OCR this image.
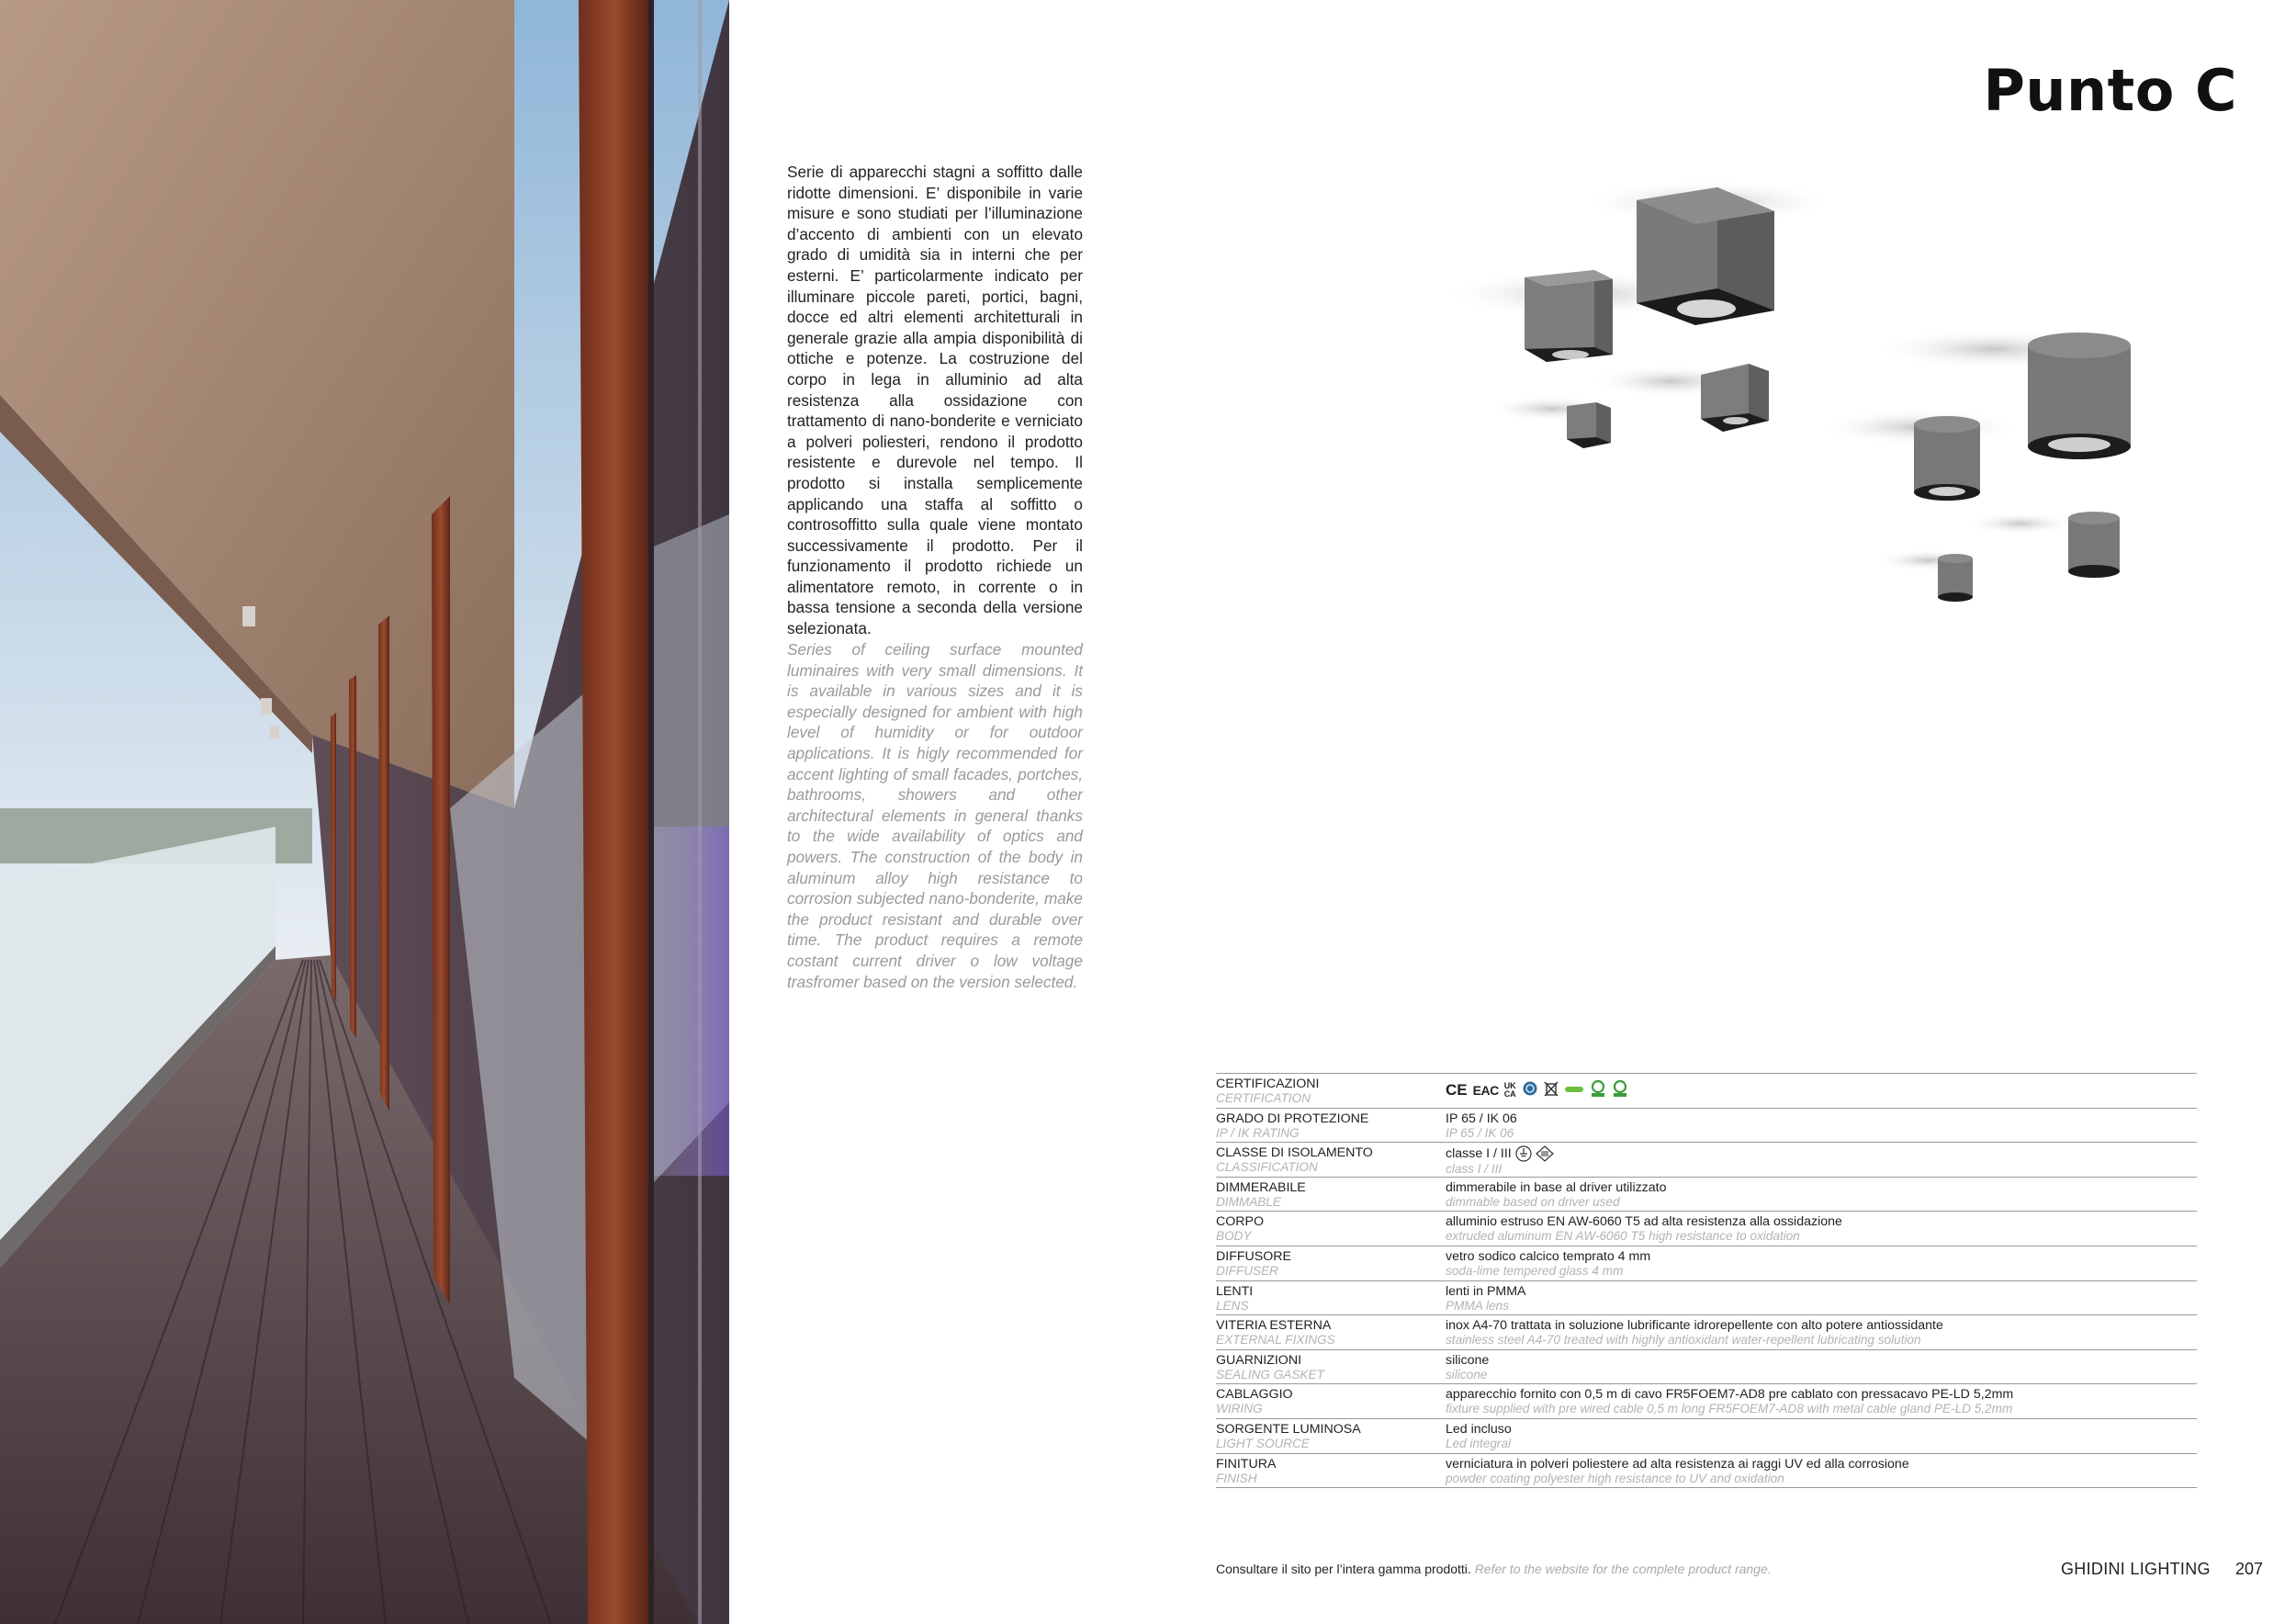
Punto C

Serie di apparecchi stagni a soffitto dalle ridotte dimensioni. E’ disponibile in varie misure e sono studiati per l’illuminazione d’accento di ambienti con un elevato grado di umidità sia in interni che per esterni. E’ particolarmente indicato per illuminare piccole pareti, portici, bagni, docce ed altri elementi architetturali in generale grazie alla ampia disponibilità di ottiche e potenze. La costruzione del corpo in lega in alluminio ad alta resistenza alla ossidazione con trattamento di nano-bonderite e verniciato a polveri poliesteri, rendono il prodotto resistente e durevole nel tempo. Il prodotto si installa semplicemente applicando una staffa al soffitto o controsoffitto sulla quale viene montato successivamente il prodotto. Per il funzionamento il prodotto richiede un alimentatore remoto, in corrente o in bassa tensione a seconda della versione selezionata.

Series of ceiling surface mounted luminaires with very small dimensions. It is available in various sizes and it is especially designed for ambient with high level of humidity or for outdoor applications. It is higly recommended for accent lighting of small facades, portches, bathrooms, showers and other architectural elements in general thanks to the wide availability of optics and powers. The construction of the body in aluminum alloy high resistance to corrosion subjected nano-bonderite, make the product resistant and durable over time. The product requires a remote costant current driver o low voltage trasfromer based on the version selected.

CERTIFICAZIONI
CERTIFICATION	CE EAC UK
CA
GRADO DI PROTEZIONE
IP / IK RATING
IP 65 / IK 06
IP 65 / IK 06
CLASSE DI ISOLAMENTO
CLASSIFICATION
classe I / III
class I / III
DIMMERABILE
DIMMABLE
dimmerabile in base al driver utilizzato
dimmable based on driver used
CORPO
BODY
alluminio estruso EN AW-6060 T5 ad alta resistenza alla ossidazione
extruded aluminum EN AW-6060 T5 high resistance to oxidation
DIFFUSORE
DIFFUSER
vetro sodico calcico temprato 4 mm
soda-lime tempered glass 4 mm
LENTI
LENS
lenti in PMMA
PMMA lens
VITERIA ESTERNA
EXTERNAL FIXINGS
inox A4-70 trattata in soluzione lubrificante idrorepellente con alto potere antiossidante
stainless steel A4-70 treated with highly antioxidant water-repellent lubricating solution
GUARNIZIONI
SEALING GASKET
silicone
silicone
CABLAGGIO
WIRING
apparecchio fornito con 0,5 m di cavo FR5FOEM7-AD8 pre cablato con pressacavo PE-LD 5,2mm
fixture supplied with pre wired cable 0,5 m long FR5FOEM7-AD8 with metal cable gland PE-LD 5,2mm
SORGENTE LUMINOSA
LIGHT SOURCE
Led incluso
Led integral
FINITURA
FINISH
verniciatura in polveri poliestere ad alta resistenza ai raggi UV ed alla corrosione
powder coating polyester high resistance to UV and oxidation
Consultare il sito per l’intera gamma prodotti. Refer to the website for the complete product range.	GHIDINI LIGHTING 207
